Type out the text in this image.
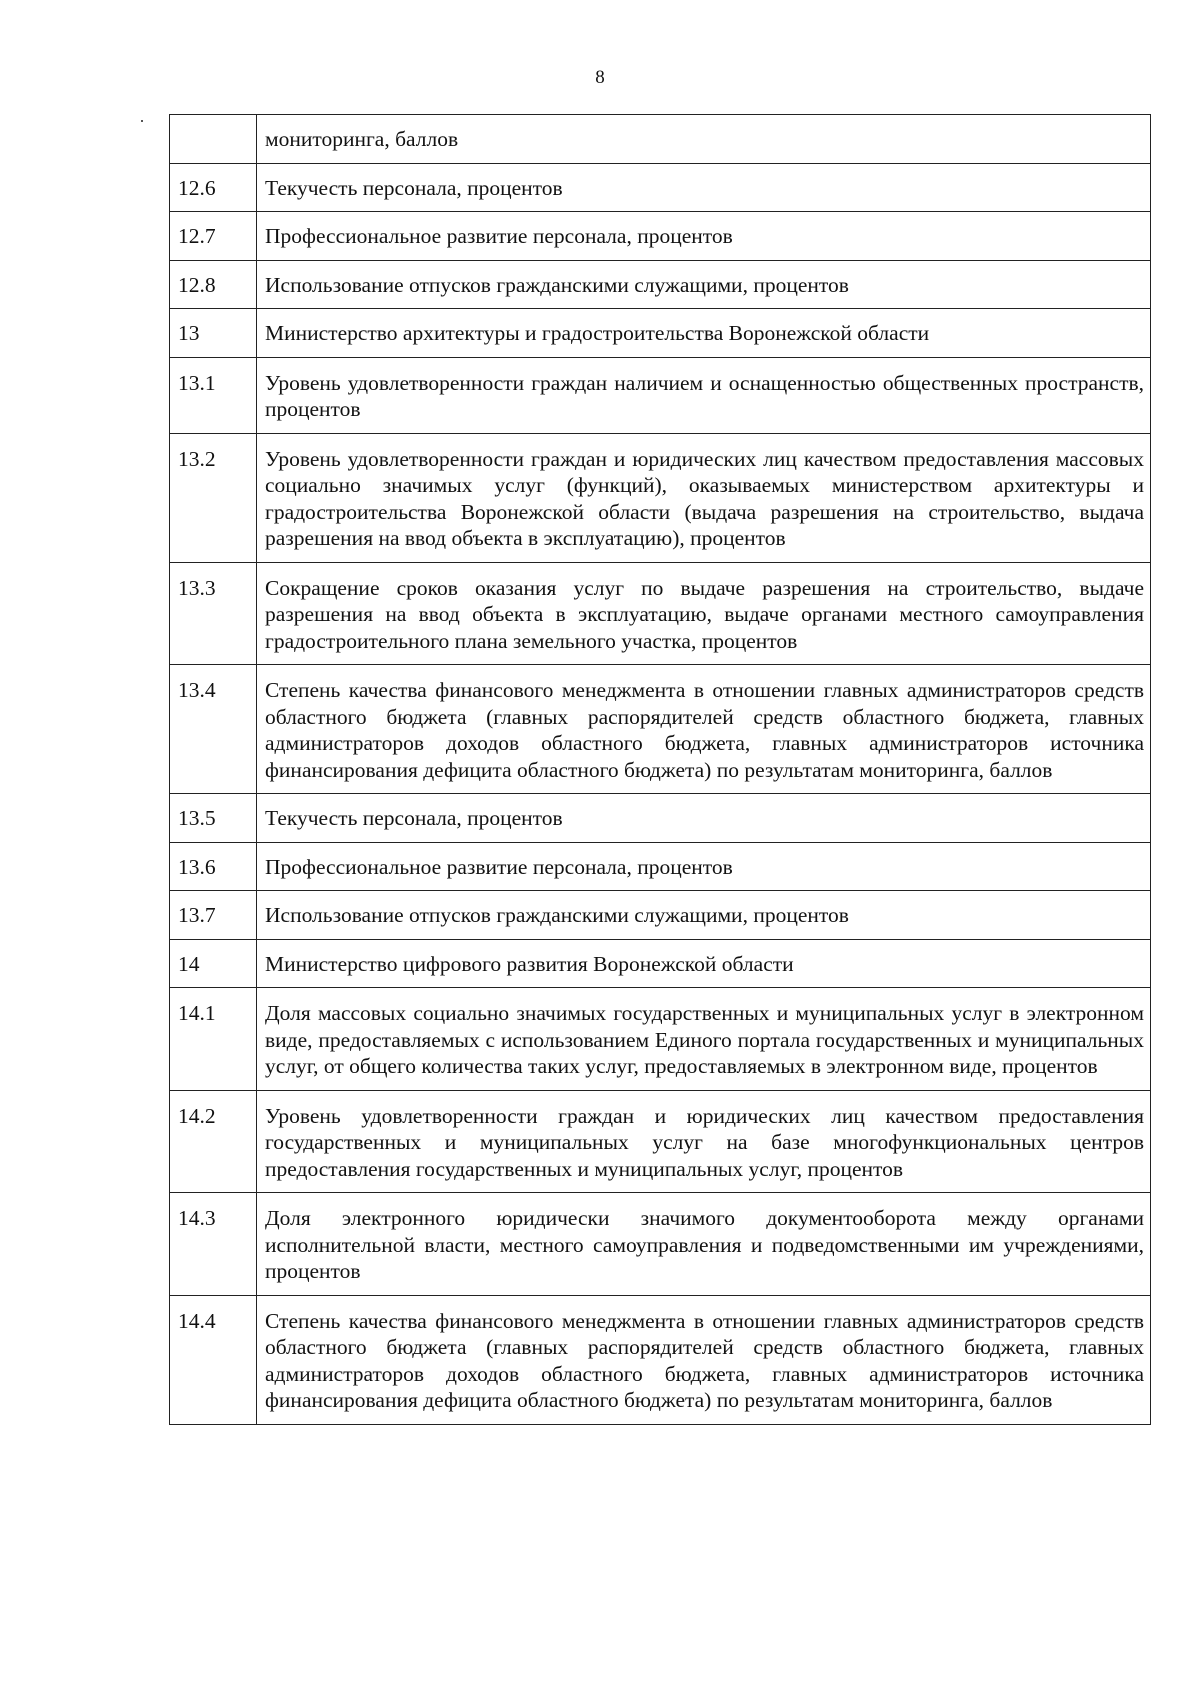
8
	мониторинга, баллов
12.6	Текучесть персонала, процентов
12.7	Профессиональное развитие персонала, процентов
12.8	Использование отпусков гражданскими служащими, процентов
13	Министерство архитектуры и градостроительства Воронежской области
13.1	Уровень удовлетворенности граждан наличием и оснащенностью общественных пространств, процентов
13.2	Уровень удовлетворенности граждан и юридических лиц качеством предоставления массовых социально значимых услуг (функций), оказываемых министерством архитектуры и градостроительства Воронежской области (выдача разрешения на строительство, выдача разрешения на ввод объекта в эксплуатацию), процентов
13.3	Сокращение сроков оказания услуг по выдаче разрешения на строительство, выдаче разрешения на ввод объекта в эксплуатацию, выдаче органами местного самоуправления градостроительного плана земельного участка, процентов
13.4	Степень качества финансового менеджмента в отношении главных администраторов средств областного бюджета (главных распорядителей средств областного бюджета, главных администраторов доходов областного бюджета, главных администраторов источника финансирования дефицита областного бюджета) по результатам мониторинга, баллов
13.5	Текучесть персонала, процентов
13.6	Профессиональное развитие персонала, процентов
13.7	Использование отпусков гражданскими служащими, процентов
14	Министерство цифрового развития Воронежской области
14.1	Доля массовых социально значимых государственных и муниципальных услуг в электронном виде, предоставляемых с использованием Единого портала государственных и муниципальных услуг, от общего количества таких услуг, предоставляемых в электронном виде, процентов
14.2	Уровень удовлетворенности граждан и юридических лиц качеством предоставления государственных и муниципальных услуг на базе многофункциональных центров предоставления государственных и муниципальных услуг, процентов
14.3	Доля электронного юридически значимого документооборота между органами исполнительной власти, местного самоуправления и подведомственными им учреждениями, процентов
14.4	Степень качества финансового менеджмента в отношении главных администраторов средств областного бюджета (главных распорядителей средств областного бюджета, главных администраторов доходов областного бюджета, главных администраторов источника финансирования дефицита областного бюджета) по результатам мониторинга, баллов
